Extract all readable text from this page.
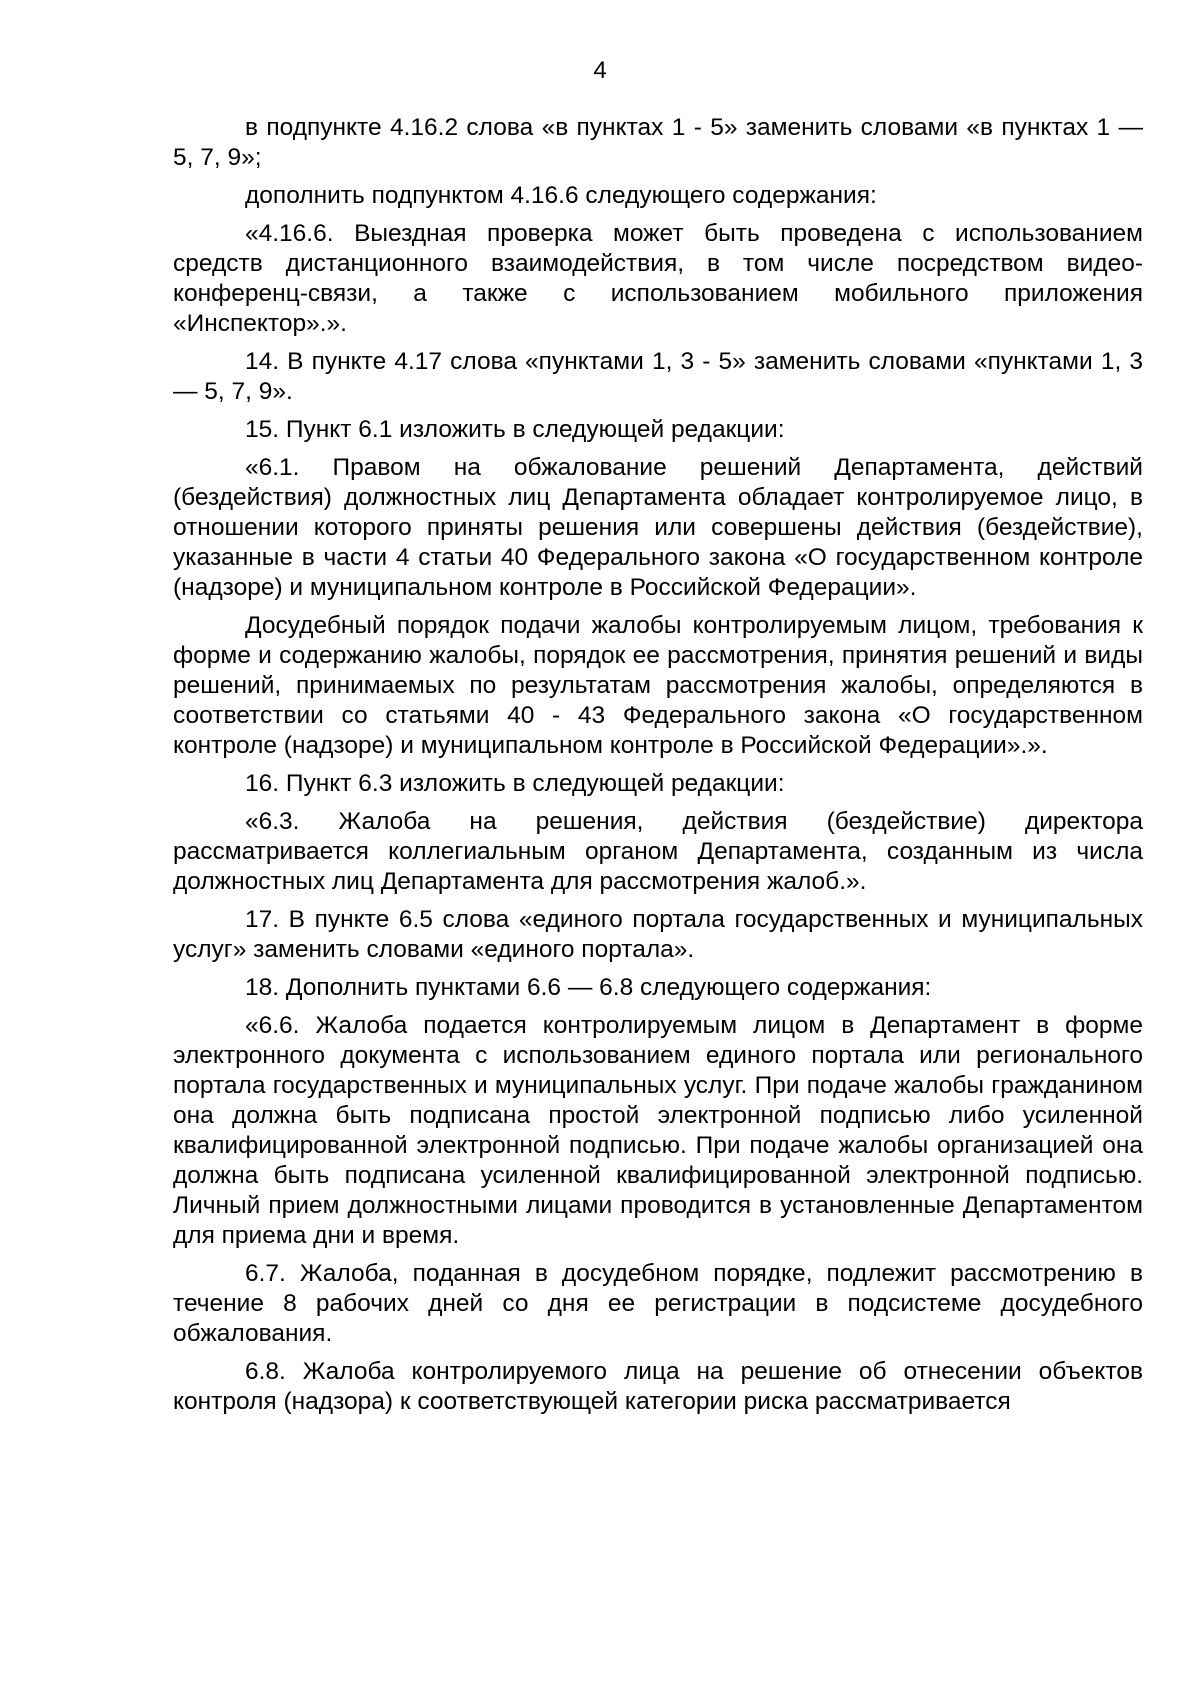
4

в подпункте 4.16.2 слова «в пунктах 1 - 5» заменить словами «в пунктах 1 — 5, 7, 9»;

дополнить подпунктом 4.16.6 следующего содержания:

«4.16.6. Выездная проверка может быть проведена с использованием средств дистанционного взаимодействия, в том числе посредством видео-конференц-связи, а также с использованием мобильного приложения «Инспектор».».

14. В пункте 4.17 слова «пунктами 1, 3 - 5» заменить словами «пунктами 1, 3 — 5, 7, 9».

15. Пункт 6.1 изложить в следующей редакции:

«6.1. Правом на обжалование решений Департамента, действий (бездействия) должностных лиц Департамента обладает контролируемое лицо, в отношении которого приняты решения или совершены действия (бездействие), указанные в части 4 статьи 40 Федерального закона «О государственном контроле (надзоре) и муниципальном контроле в Российской Федерации».

Досудебный порядок подачи жалобы контролируемым лицом, требования к форме и содержанию жалобы, порядок ее рассмотрения, принятия решений и виды решений, принимаемых по результатам рассмотрения жалобы, определяются в соответствии со статьями 40 - 43 Федерального закона «О государственном контроле (надзоре) и муниципальном контроле в Российской Федерации».».

16. Пункт 6.3 изложить в следующей редакции:

«6.3. Жалоба на решения, действия (бездействие) директора рассматривается коллегиальным органом Департамента, созданным из числа должностных лиц Департамента для рассмотрения жалоб.».

17. В пункте 6.5 слова «единого портала государственных и муниципальных услуг» заменить словами «единого портала».

18. Дополнить пунктами 6.6 — 6.8 следующего содержания:

«6.6. Жалоба подается контролируемым лицом в Департамент в форме электронного документа с использованием единого портала или регионального портала государственных и муниципальных услуг. При подаче жалобы гражданином она должна быть подписана простой электронной подписью либо усиленной квалифицированной электронной подписью. При подаче жалобы организацией она должна быть подписана усиленной квалифицированной электронной подписью. Личный прием должностными лицами проводится в установленные Департаментом для приема дни и время.

6.7. Жалоба, поданная в досудебном порядке, подлежит рассмотрению в течение 8 рабочих дней со дня ее регистрации в подсистеме досудебного обжалования.

6.8. Жалоба контролируемого лица на решение об отнесении объектов контроля (надзора) к соответствующей категории риска рассматривается
